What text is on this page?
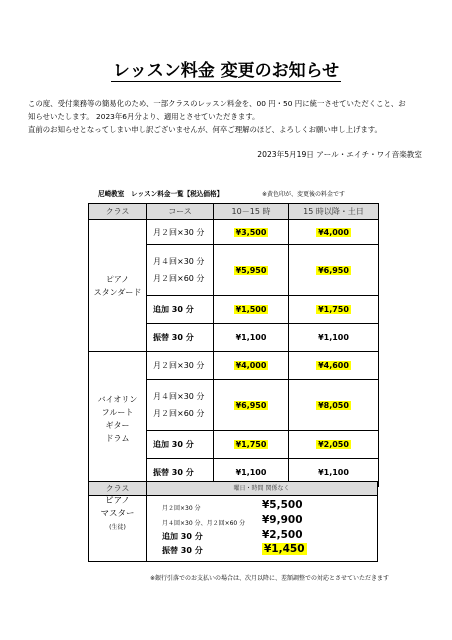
レッスン料金 変更のお知らせ
この度、受付業務等の簡易化のため、一部クラスのレッスン料金を、00 円・50 円に統一させていただくこと、お
知らせいたします。 2023年6月分より、適用とさせていただきます。
直前のお知らせとなってしまい申し訳ございませんが、何卒ご理解のほど、よろしくお願い申し上げます。
2023年5月19日 アール・エイチ・ワイ音楽教室
尼崎教室　レッスン料金一覧【税込価格】	※黄色印が、変更後の料金です
クラス	コース	10－15 時	15 時以降・土日

ピアノ
スタンダード	月２回×30 分	¥3,500	¥4,000

	月４回×30 分
月２回×60 分	¥5,950	¥6,950

	追加 30 分	¥1,500	¥1,750

	振替 30 分	¥1,100	¥1,100

バイオリン
フルート
ギター
ドラム	月２回×30 分	¥4,000	¥4,600

	月４回×30 分
月２回×60 分	¥6,950	¥8,050

	追加 30 分	¥1,750	¥2,050

	振替 30 分	¥1,100	¥1,100
ピアノ
マスター
(生徒)
クラス	曜日・時間 関係なく
月２回×30 分	¥5,500
月４回×30 分、月２回×60 分 ¥9,900
追加 30 分	¥2,500
振替 30 分	¥1,450
※銀行引落でのお支払いの場合は、次月以降に、差額調整での対応とさせていただきます
